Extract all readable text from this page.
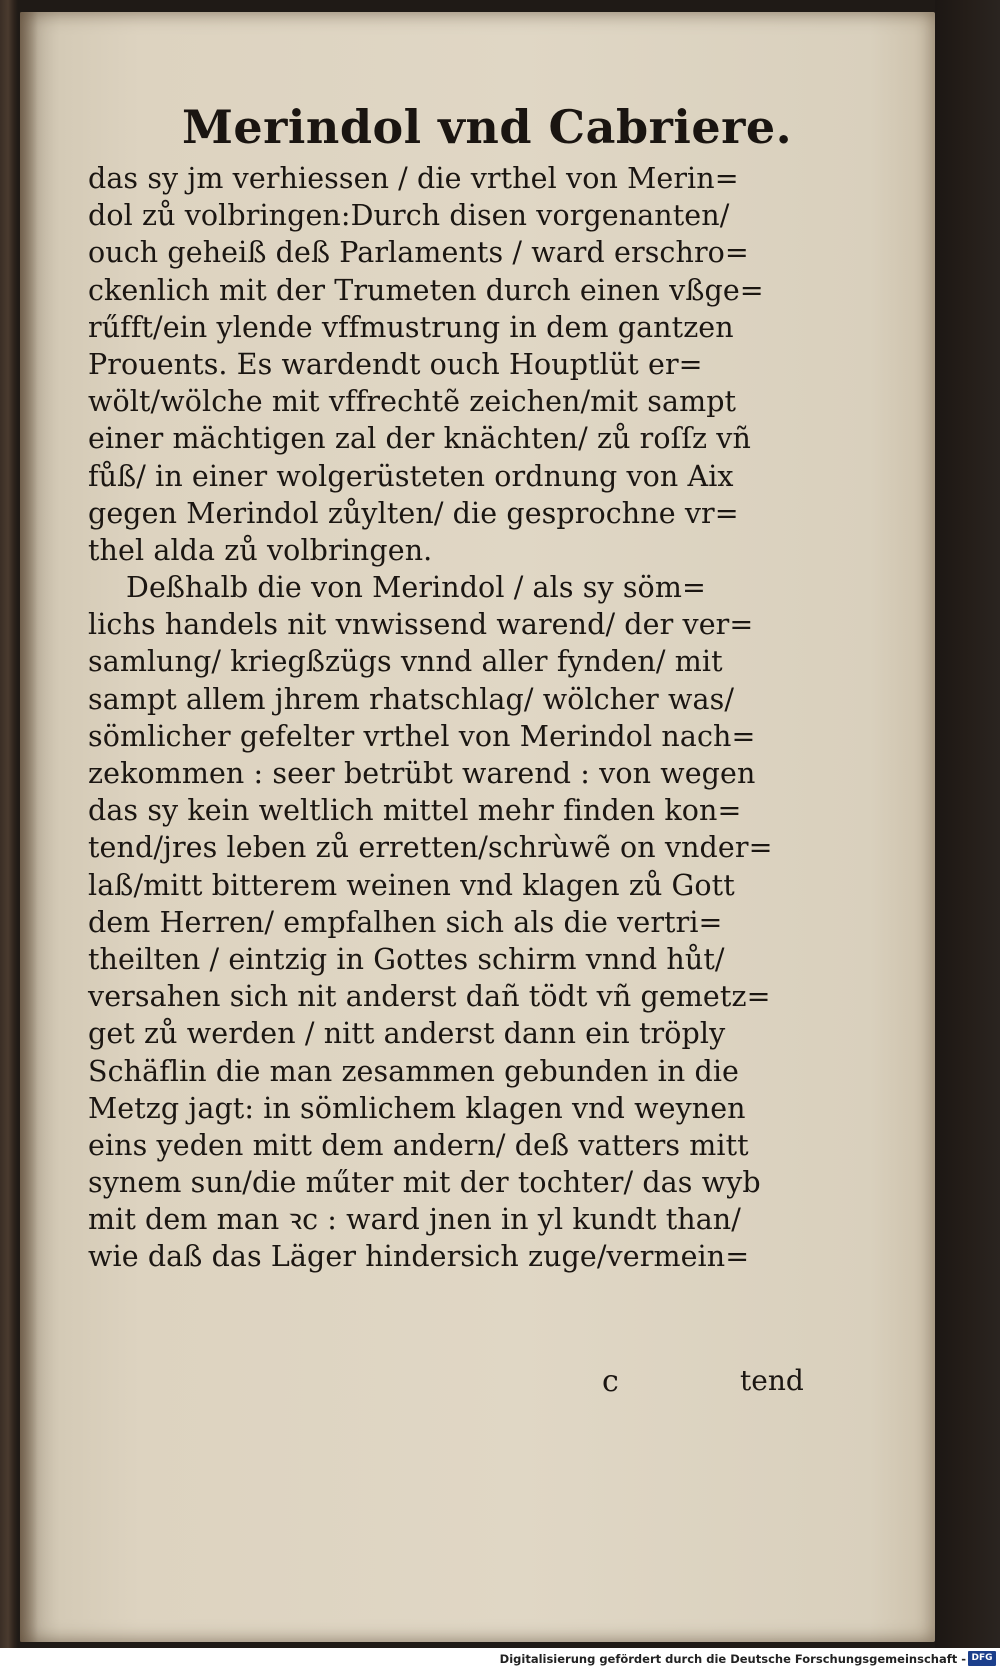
Merindol vnd Cabriere.
das sy jm verhiessen / die vrthel von Merin=
dol zů volbringen:Durch disen vorgenanten/
ouch geheiß deß Parlaments / ward erschro=
ckenlich mit der Trumeten durch einen vßge=
rűfft/ein ylende vffmustrung in dem gantzen
Prouents. Es wardendt ouch Houptlüt er=
wölt/wölche mit vffrechtẽ zeichen/mit sampt
einer mächtigen zal der knächten/ zů roſſz vñ
fůß/ in einer wolgerüsteten ordnung von Aix
gegen Merindol zůylten/ die gesprochne vr=
thel alda zů volbringen.
Deßhalb die von Merindol / als sy söm=
lichs handels nit vnwissend warend/ der ver=
samlung/ kriegßzügs vnnd aller fynden/ mit
sampt allem jhrem rhatschlag/ wölcher was/
sömlicher gefelter vrthel von Merindol nach=
zekommen : seer betrübt warend : von wegen
das sy kein weltlich mittel mehr finden kon=
tend/jres leben zů erretten/schrùwẽ on vnder=
laß/mitt bitterem weinen vnd klagen zů Gott
dem Herren/ empfalhen sich als die vertri=
theilten / eintzig in Gottes schirm vnnd hůt/
versahen sich nit anderst dañ tödt vñ gemetz=
get zů werden / nitt anderst dann ein tröply
Schäflin die man zesammen gebunden in die
Metzg jagt: in sömlichem klagen vnd weynen
eins yeden mitt dem andern/ deß vatters mitt
synem sun/die műter mit der tochter/ das wyb
mit dem man ꝛc : ward jnen in yl kundt than/
wie daß das Läger hindersich zuge/vermein=
c	tend
Digitalisierung gefördert durch die Deutsche Forschungsgemeinschaft - DFG
